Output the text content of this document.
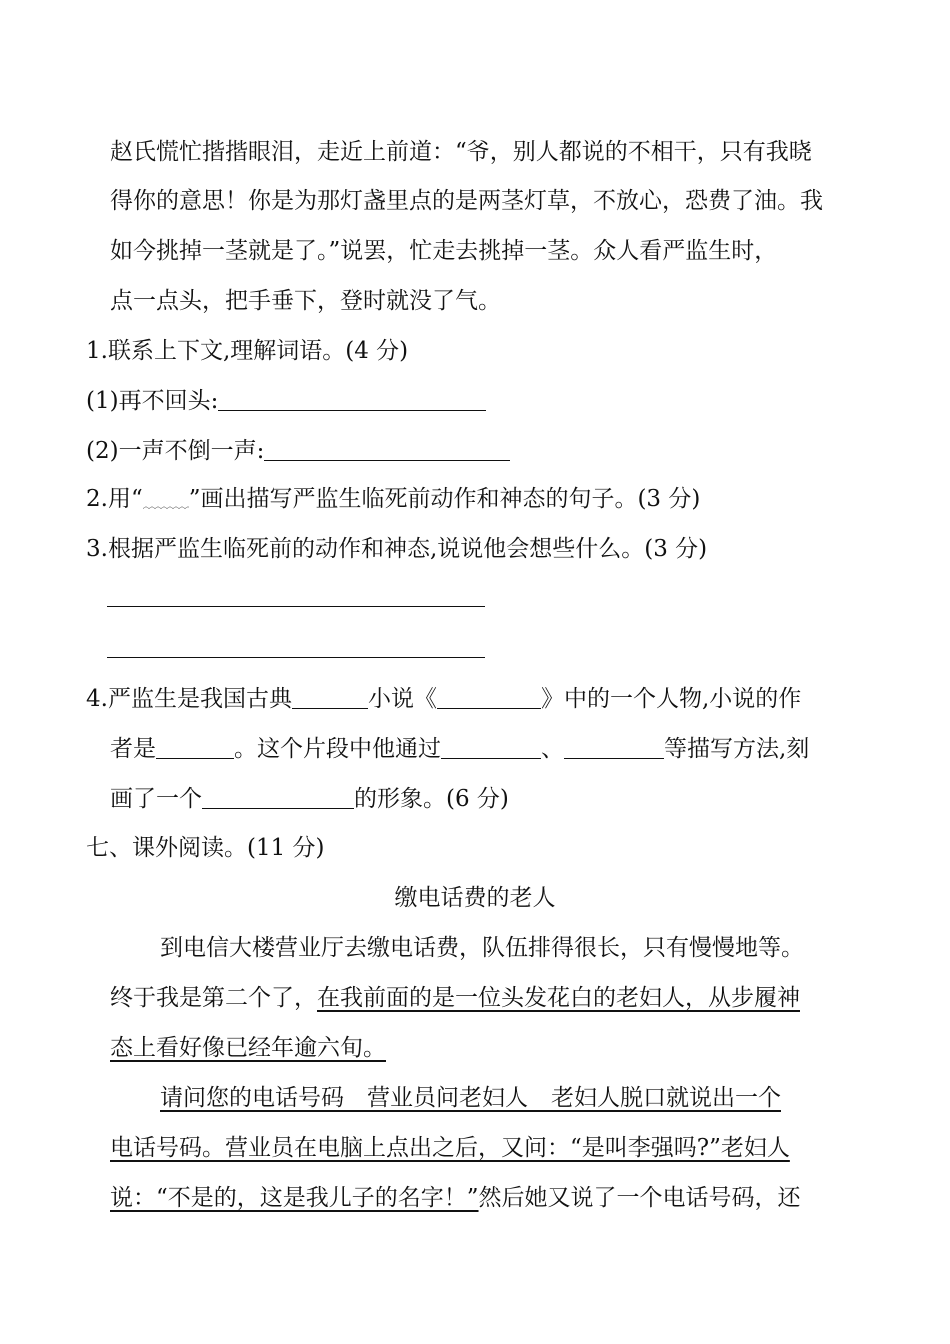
赵氏慌忙揩揩眼泪，走近上前道：“爷，别人都说的不相干，只有我晓
得你的意思！你是为那灯盏里点的是两茎灯草，不放心，恐费了油。我
如今挑掉一茎就是了。”说罢，忙走去挑掉一茎。众人看严监生时，
点一点头，把手垂下，登时就没了气。
1.联系上下文,理解词语。(4 分)
(1)再不回头:
(2)一声不倒一声:
2.用“ ”画出描写严监生临死前动作和神态的句子。(3 分)
3.根据严监生临死前的动作和神态,说说他会想些什么。(3 分)
4.严监生是我国古典	小说《	》中的一个人物,小说的作
者是	。这个片段中他通过	、	等描写方法,刻
画了一个	的形象。(6 分)
七、课外阅读。(11 分)
缴电话费的老人
到电信大楼营业厅去缴电话费，队伍排得很长，只有慢慢地等。
终于我是第二个了，在我前面的是一位头发花白的老妇人，从步履神
态上看好像已经年逾六旬。
请问您的电话号码　营业员问老妇人　老妇人脱口就说出一个
电话号码。营业员在电脑上点出之后，又问：“是叫李强吗?”老妇人
说：“不是的，这是我儿子的名字！”然后她又说了一个电话号码，还
